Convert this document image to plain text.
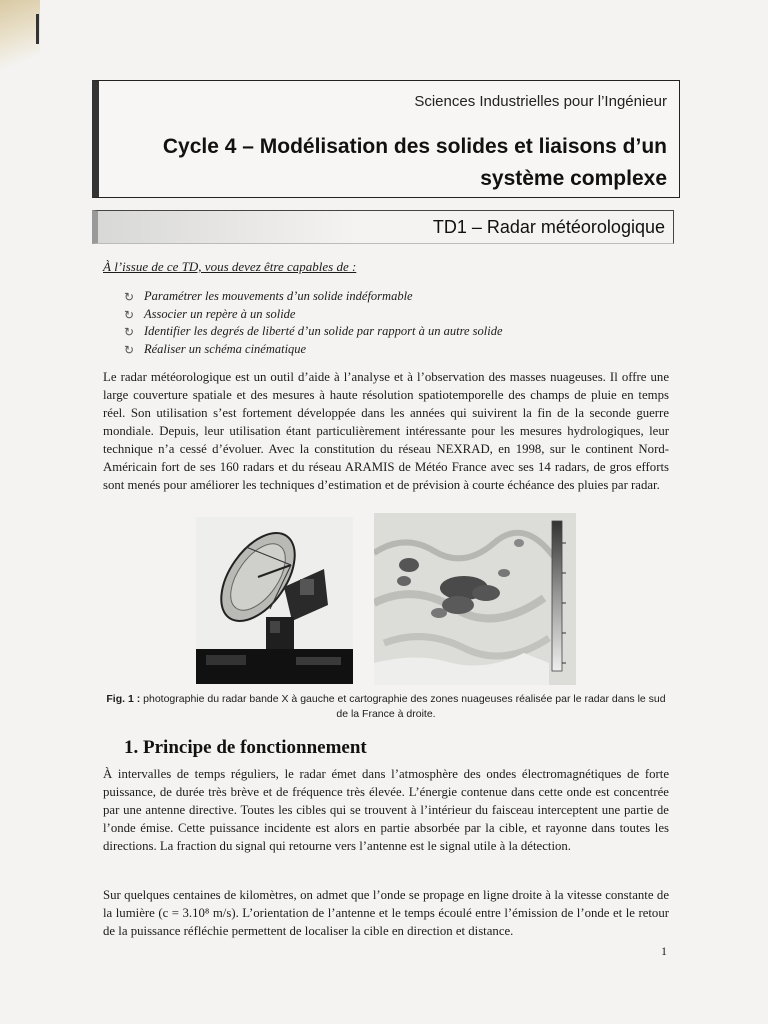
Sciences Industrielles pour l’Ingénieur
Cycle 4 – Modélisation des solides et liaisons d’un système complexe
TD1 – Radar météorologique
À l’issue de ce TD, vous devez être capables de :
↻ Paramétrer les mouvements d’un solide indéformable
↻ Associer un repère à un solide
↻ Identifier les degrés de liberté d’un solide par rapport à un autre solide
↻ Réaliser un schéma cinématique

Le radar météorologique est un outil d’aide à l’analyse et à l’observation des masses nuageuses. Il offre une large couverture spatiale et des mesures à haute résolution spatiotemporelle des champs de pluie en temps réel. Son utilisation s’est fortement développée dans les années qui suivirent la fin de la seconde guerre mondiale. Depuis, leur utilisation étant particulièrement intéressante pour les mesures hydrologiques, leur technique n’a cessé d’évoluer. Avec la constitution du réseau NEXRAD, en 1998, sur le continent Nord-Américain fort de ses 160 radars et du réseau ARAMIS de Météo France avec ses 14 radars, de gros efforts sont menés pour améliorer les techniques d’estimation et de prévision à courte échéance des pluies par radar.

Fig. 1 : photographie du radar bande X à gauche et cartographie des zones nuageuses réalisée par le radar dans le sud de la France à droite.
1. Principe de fonctionnement

À intervalles de temps réguliers, le radar émet dans l’atmosphère des ondes électromagnétiques de forte puissance, de durée très brève et de fréquence très élevée. L’énergie contenue dans cette onde est concentrée par une antenne directive. Toutes les cibles qui se trouvent à l’intérieur du faisceau interceptent une partie de l’onde émise. Cette puissance incidente est alors en partie absorbée par la cible, et rayonne dans toutes les directions. La fraction du signal qui retourne vers l’antenne est le signal utile à la détection.

Sur quelques centaines de kilomètres, on admet que l’onde se propage en ligne droite à la vitesse constante de la lumière (c = 3.10⁸ m/s). L’orientation de l’antenne et le temps écoulé entre l’émission de l’onde et le retour de la puissance réfléchie permettent de localiser la cible en direction et distance.

1
